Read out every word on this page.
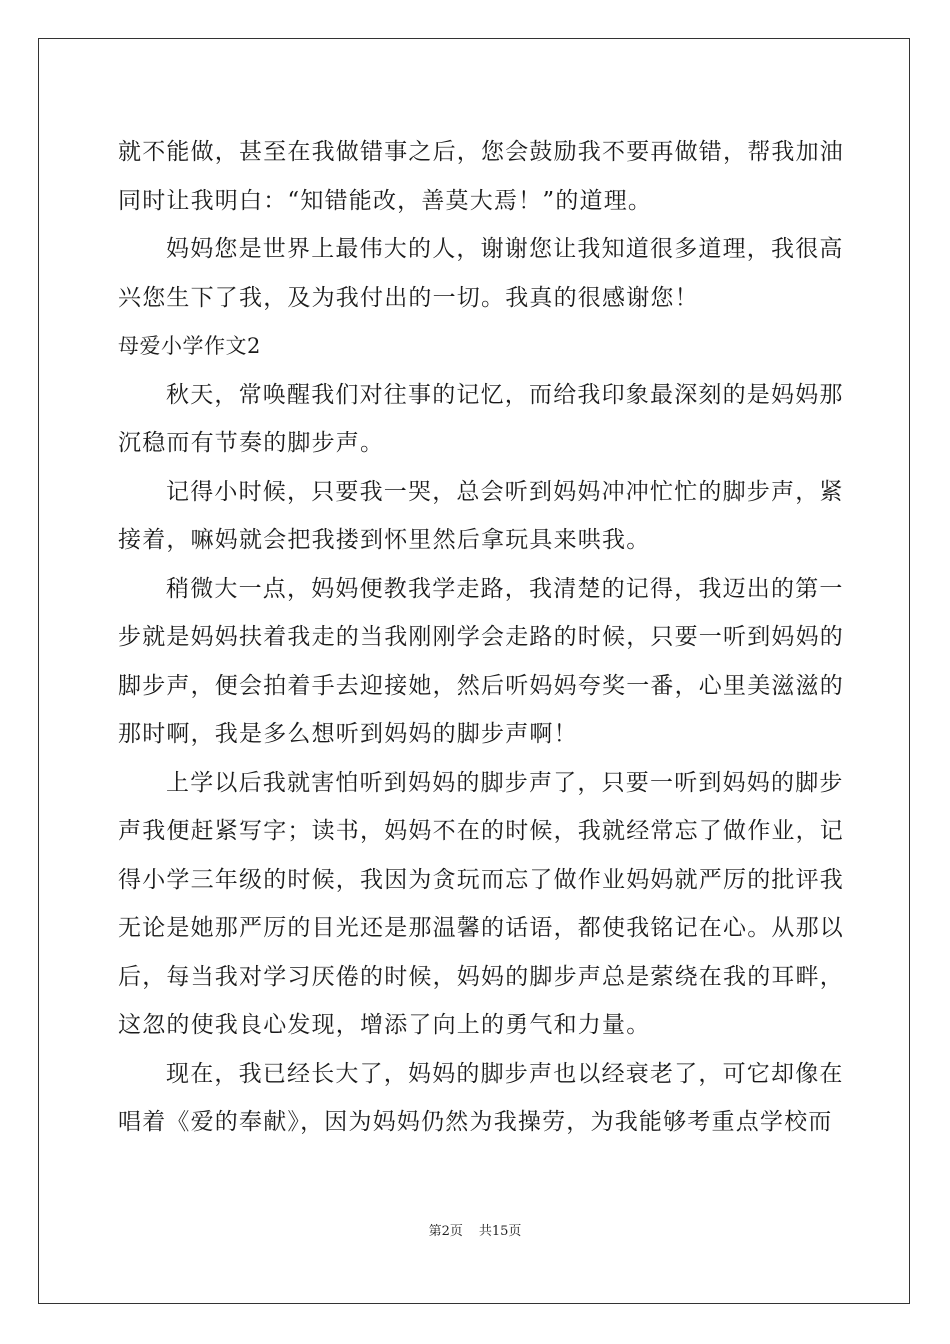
就不能做，甚至在我做错事之后，您会鼓励我不要再做错，帮我加油
同时让我明白：“知错能改，善莫大焉！”的道理。
妈妈您是世界上最伟大的人，谢谢您让我知道很多道理，我很高
兴您生下了我，及为我付出的一切。我真的很感谢您！
母爱小学作文2
秋天，常唤醒我们对往事的记忆，而给我印象最深刻的是妈妈那
沉稳而有节奏的脚步声。
记得小时候，只要我一哭，总会听到妈妈冲冲忙忙的脚步声，紧
接着，嘛妈就会把我搂到怀里然后拿玩具来哄我。
稍微大一点，妈妈便教我学走路，我清楚的记得，我迈出的第一
步就是妈妈扶着我走的当我刚刚学会走路的时候，只要一听到妈妈的
脚步声，便会拍着手去迎接她，然后听妈妈夸奖一番，心里美滋滋的
那时啊，我是多么想听到妈妈的脚步声啊！
上学以后我就害怕听到妈妈的脚步声了，只要一听到妈妈的脚步
声我便赶紧写字；读书，妈妈不在的时候，我就经常忘了做作业，记
得小学三年级的时候，我因为贪玩而忘了做作业妈妈就严厉的批评我
无论是她那严厉的目光还是那温馨的话语，都使我铭记在心。从那以
后，每当我对学习厌倦的时候，妈妈的脚步声总是萦绕在我的耳畔，
这忽的使我良心发现，增添了向上的勇气和力量。
现在，我已经长大了，妈妈的脚步声也以经衰老了，可它却像在
唱着《爱的奉献》，因为妈妈仍然为我操劳，为我能够考重点学校而
第2页 共15页
